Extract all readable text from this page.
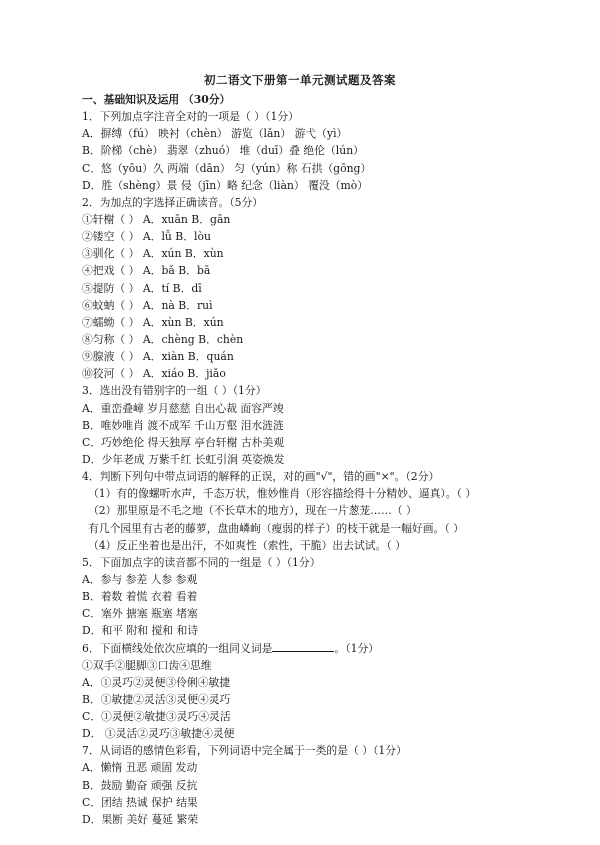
初二语文下册第一单元测试题及答案
一、基础知识及运用 （30分）
1．下列加点字注音全对的一项是（ ）（1分）
A．摒缚（fú） 映衬（chèn） 游览（lǎn） 游弋（yì）
B．阶梯（chè） 翡翠（zhuó） 堆（duī）叠 绝伦（lún）
C．悠（yōu）久 两端（dān） 匀（yún）称 石拱（gōng）
D．胜（shèng）景 侵（jīn）略 纪念（liàn） 覆没（mò）
2．为加点的字选择正确读音。（5分）
①轩榭（ ） A．xuān B．gān
②镂空（ ） A．lǚ B．lòu
③驯化（ ） A．xún B．xùn
④把戏（ ） A．bǎ B．bā
⑤提防（ ） A．tí B．dī
⑥蚊蚋（ ） A．nà B．ruì
⑦蠕蚴（ ） A．xùn B．xún
⑧匀称（ ） A．chèng B．chèn
⑨腺液（ ） A．xiàn B．quán
⑩狡河（ ） A．xiáo B．jiǎo
3．选出没有错别字的一组（ ）（1分）
A．重峦叠嶂 岁月慈慈 自出心裁 面容严竣
B．唯妙唯肖 渡不成军 千山万壑 泪水涟涟
C．巧妙绝伦 得天独厚 亭台轩榭 古朴美观
D．少年老成 万紫千红 长虹引涧 英姿焕发
4．判断下列句中带点词语的解释的正误，对的画"√"，错的画"×"。（2分）
（1）有的像螺听水声，千态万状，惟妙惟肖（形容描绘得十分精妙、逼真）。（ ）
（2）那里原是不毛之地（不长草木的地方），现在一片葱茏……（ ）
有几个园里有古老的藤萝，盘曲嶙峋（瘦弱的样子）的枝干就是一幅好画。（ ）
（4）反正坐着也是出汗，不如爽性（索性，干脆）出去试试。（ ）
5．下面加点字的读音都不同的一组是（ ）（1分）
A．参与 参差 人参 参观
B．着数 着慌 衣着 看着
C．塞外 搪塞 瓶塞 堵塞
D．和平 附和 搅和 和诗
6．下面横线处依次应填的一组同义词是	。（1分）
①双手②腿脚③口齿④思维
A．①灵巧②灵便③伶俐④敏捷
B．①敏捷②灵活③灵便④灵巧
C．①灵便②敏捷③灵巧④灵活
D． ①灵活②灵巧③敏捷④灵便
7．从词语的感情色彩看，下列词语中完全属于一类的是（ ）（1分）
A．懒惰 丑恶 顽固 发动
B．鼓励 勤奋 顽强 反抗
C．团结 热诚 保护 结果
D．果断 美好 蔓延 繁荣
